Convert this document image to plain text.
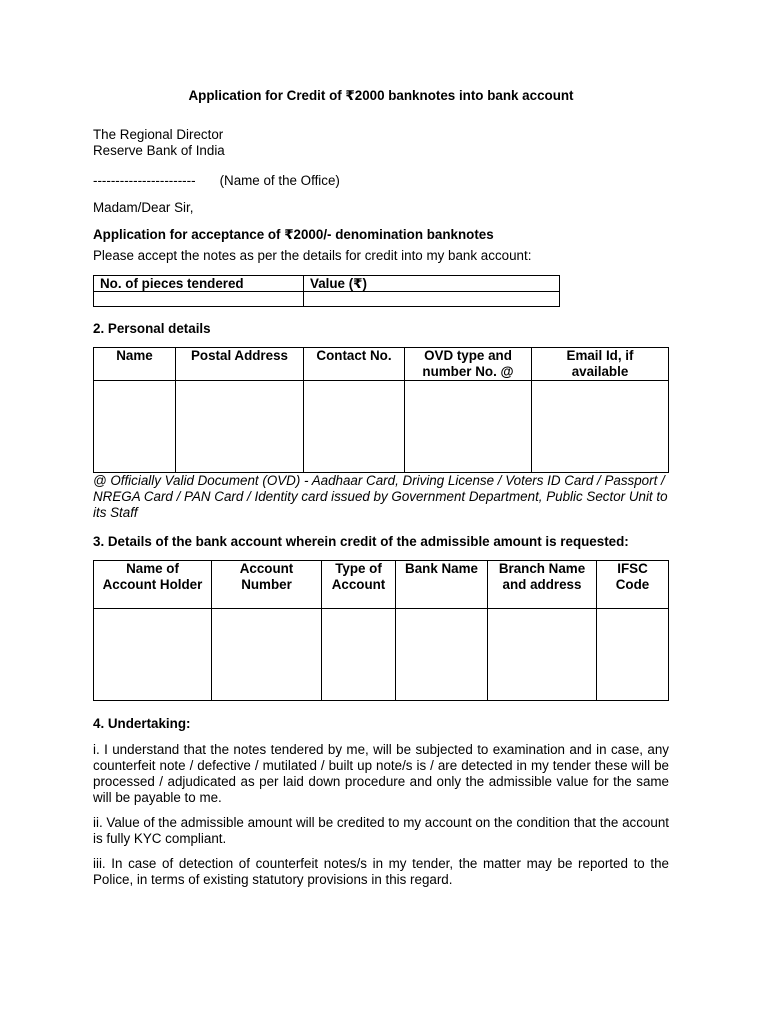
Application for Credit of ₹2000 banknotes into bank account

The Regional Director

Reserve Bank of India

----------------------- (Name of the Office)

Madam/Dear Sir,

Application for acceptance of ₹2000/- denomination banknotes

Please accept the notes as per the details for credit into my bank account:

No. of pieces tendered	Value (₹)

2. Personal details

Name	Postal Address	Contact No.	OVD type and number No. @	Email Id, if available

@ Officially Valid Document (OVD) - Aadhaar Card, Driving License / Voters ID Card / Passport / NREGA Card / PAN Card / Identity card issued by Government Department, Public Sector Unit to its Staff

3. Details of the bank account wherein credit of the admissible amount is requested:

Name of Account Holder	Account Number	Type of Account	Bank Name	Branch Name and address	IFSC Code

4. Undertaking:

i. I understand that the notes tendered by me, will be subjected to examination and in case, any counterfeit note / defective / mutilated / built up note/s is / are detected in my tender these will be processed / adjudicated as per laid down procedure and only the admissible value for the same will be payable to me.

ii. Value of the admissible amount will be credited to my account on the condition that the account is fully KYC compliant.

iii. In case of detection of counterfeit notes/s in my tender, the matter may be reported to the Police, in terms of existing statutory provisions in this regard.
